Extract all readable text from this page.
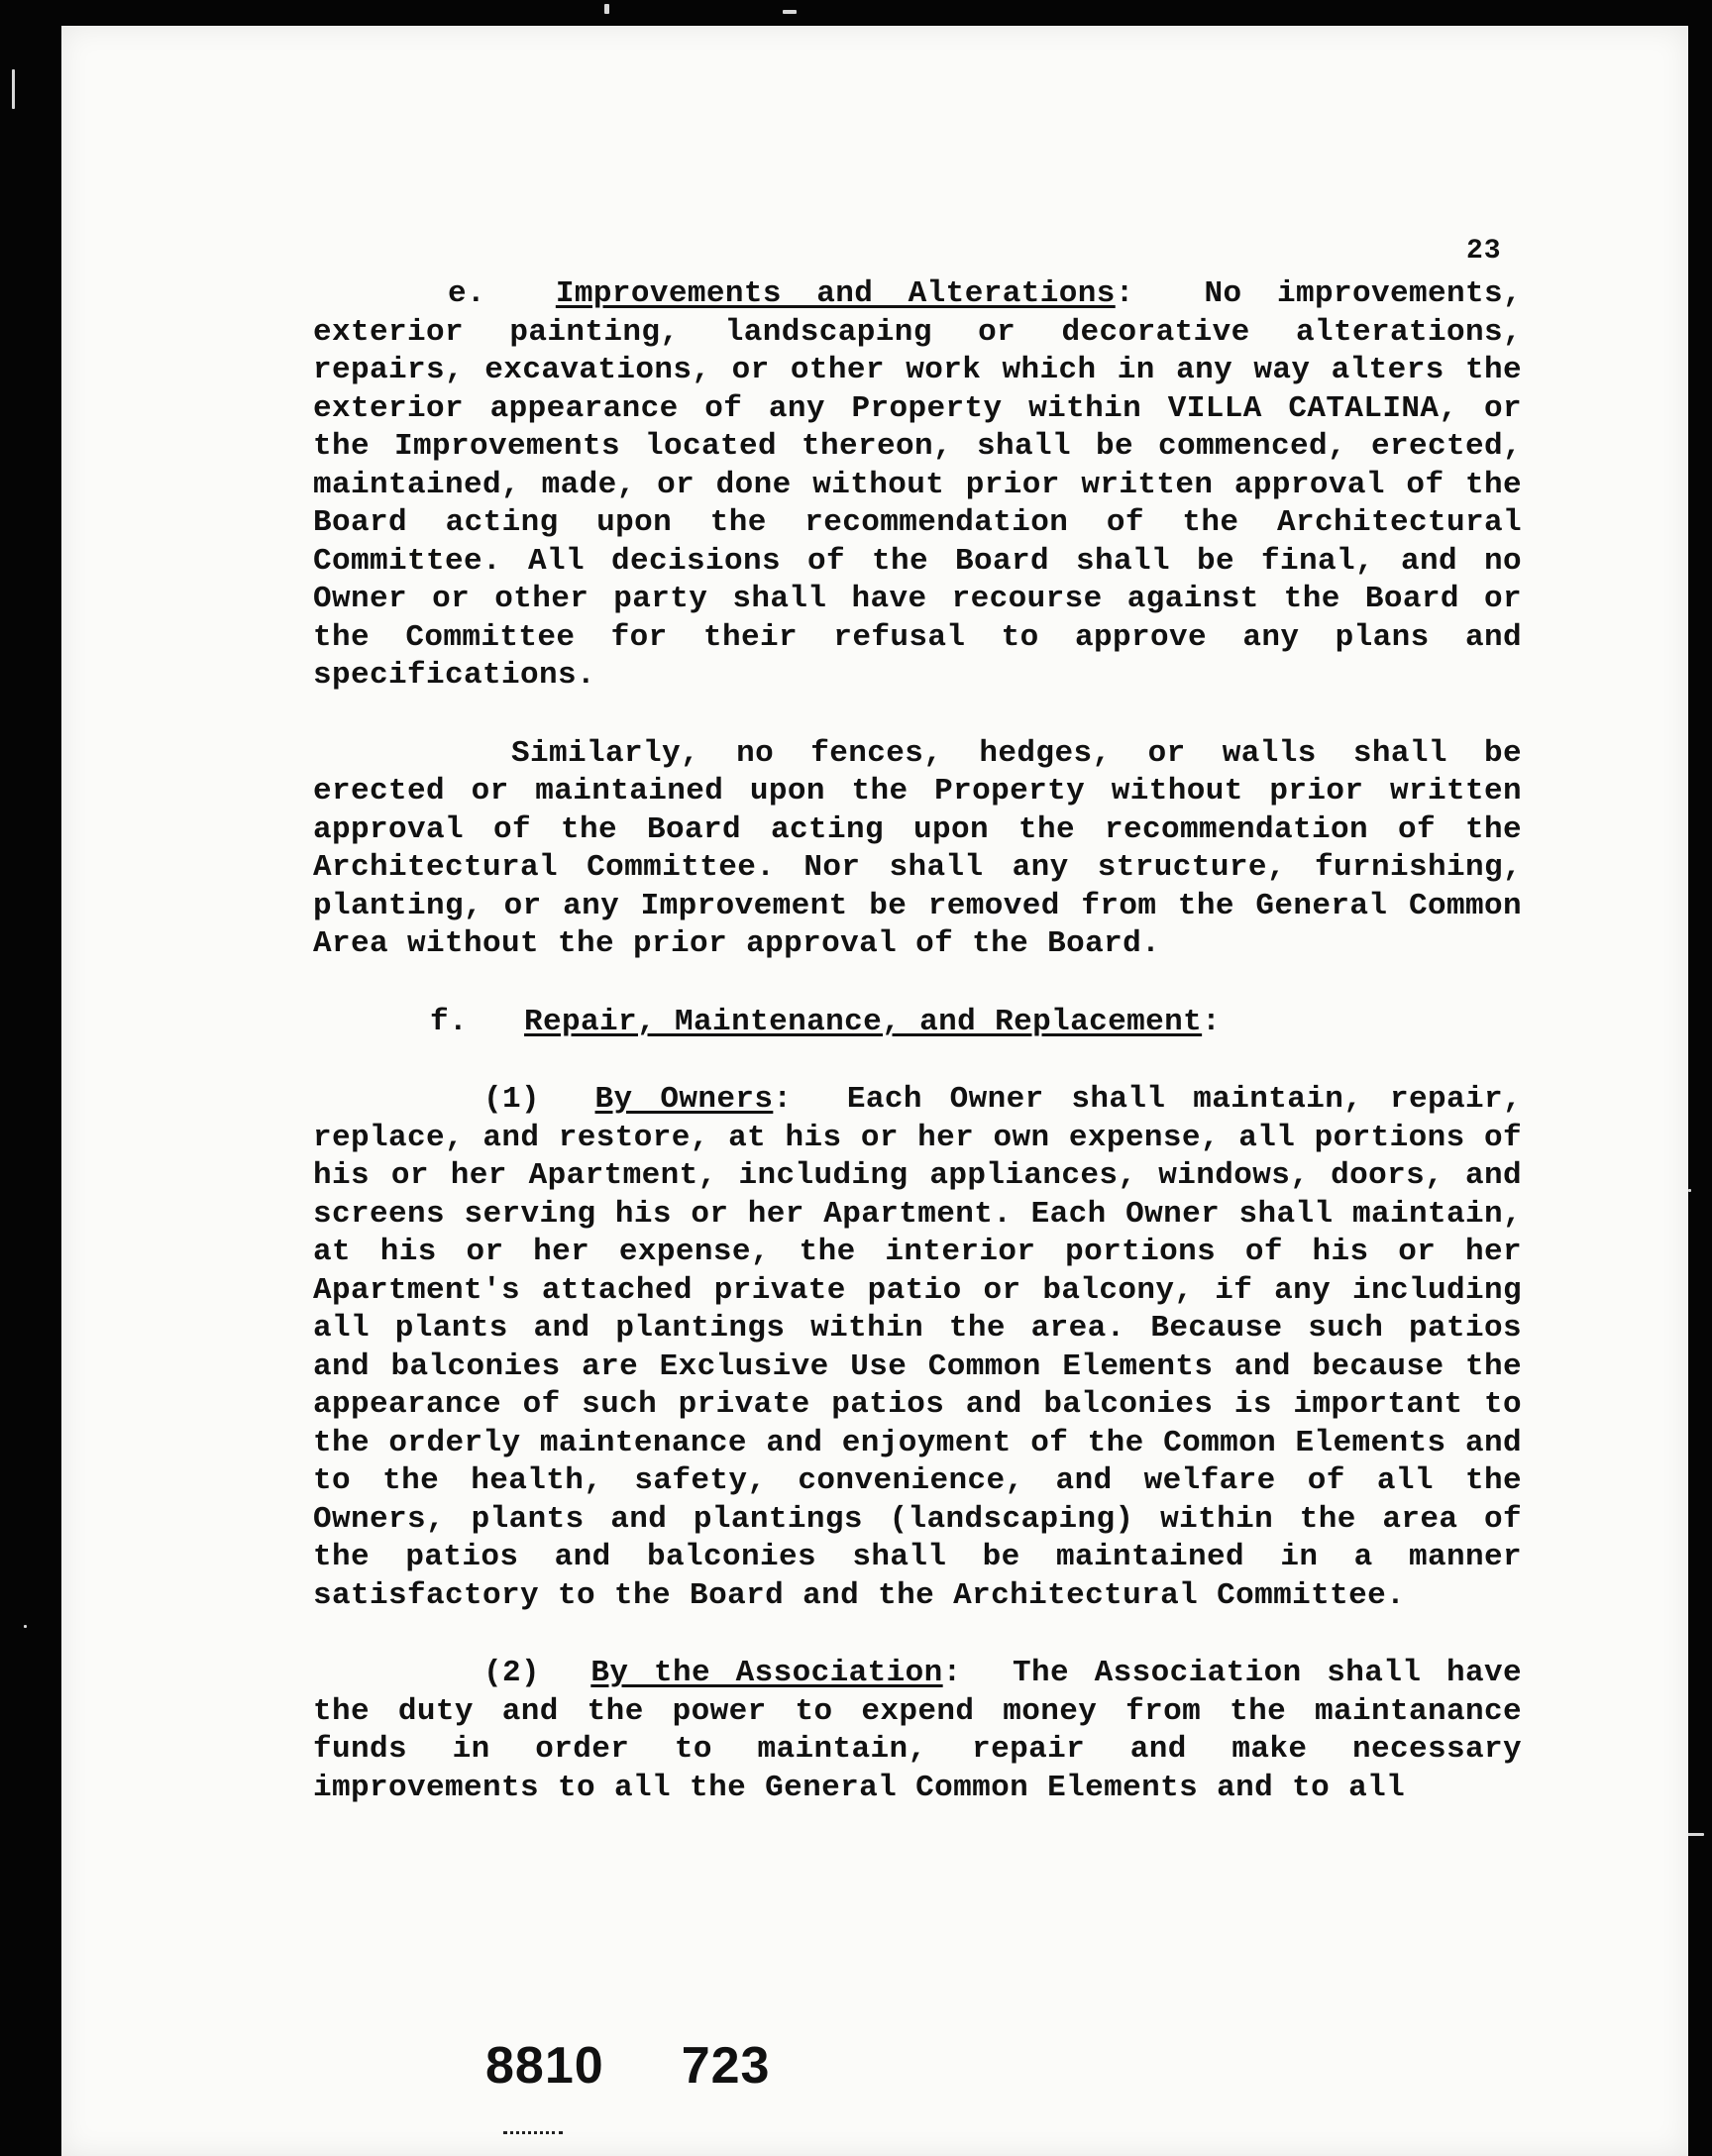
23

e. Improvements and Alterations:  No improvements, exterior painting, landscaping or decorative alterations, repairs, excavations, or other work which in any way alters the exterior appearance of any Property within VILLA CATALINA, or the Improvements located thereon, shall be commenced, erected, maintained, made, or done without prior written approval of the Board acting upon the recommendation of the Architectural Committee. All decisions of the Board shall be final, and no Owner or other party shall have recourse against the Board or the Committee for their refusal to approve any plans and specifications.

Similarly, no fences, hedges, or walls shall be erected or maintained upon the Property without prior written approval of the Board acting upon the recommendation of the Architectural Committee. Nor shall any structure, furnishing, planting, or any Improvement be removed from the General Common Area without the prior approval of the Board.

f. Repair, Maintenance, and Replacement:

(1) By Owners:  Each Owner shall maintain, repair, replace, and restore, at his or her own expense, all portions of his or her Apartment, including appliances, windows, doors, and screens serving his or her Apartment. Each Owner shall maintain, at his or her expense, the interior portions of his or her Apartment's attached private patio or balcony, if any including all plants and plantings within the area. Because such patios and balconies are Exclusive Use Common Elements and because the appearance of such private patios and balconies is important to the orderly maintenance and enjoyment of the Common Elements and to the health, safety, convenience, and welfare of all the Owners, plants and plantings (landscaping) within the area of the patios and balconies shall be maintained in a manner satisfactory to the Board and the Architectural Committee.

(2) By the Association:  The Association shall have the duty and the power to expend money from the maintanance funds in order to maintain, repair and make necessary improvements to all the General Common Elements and to all

8810 723
